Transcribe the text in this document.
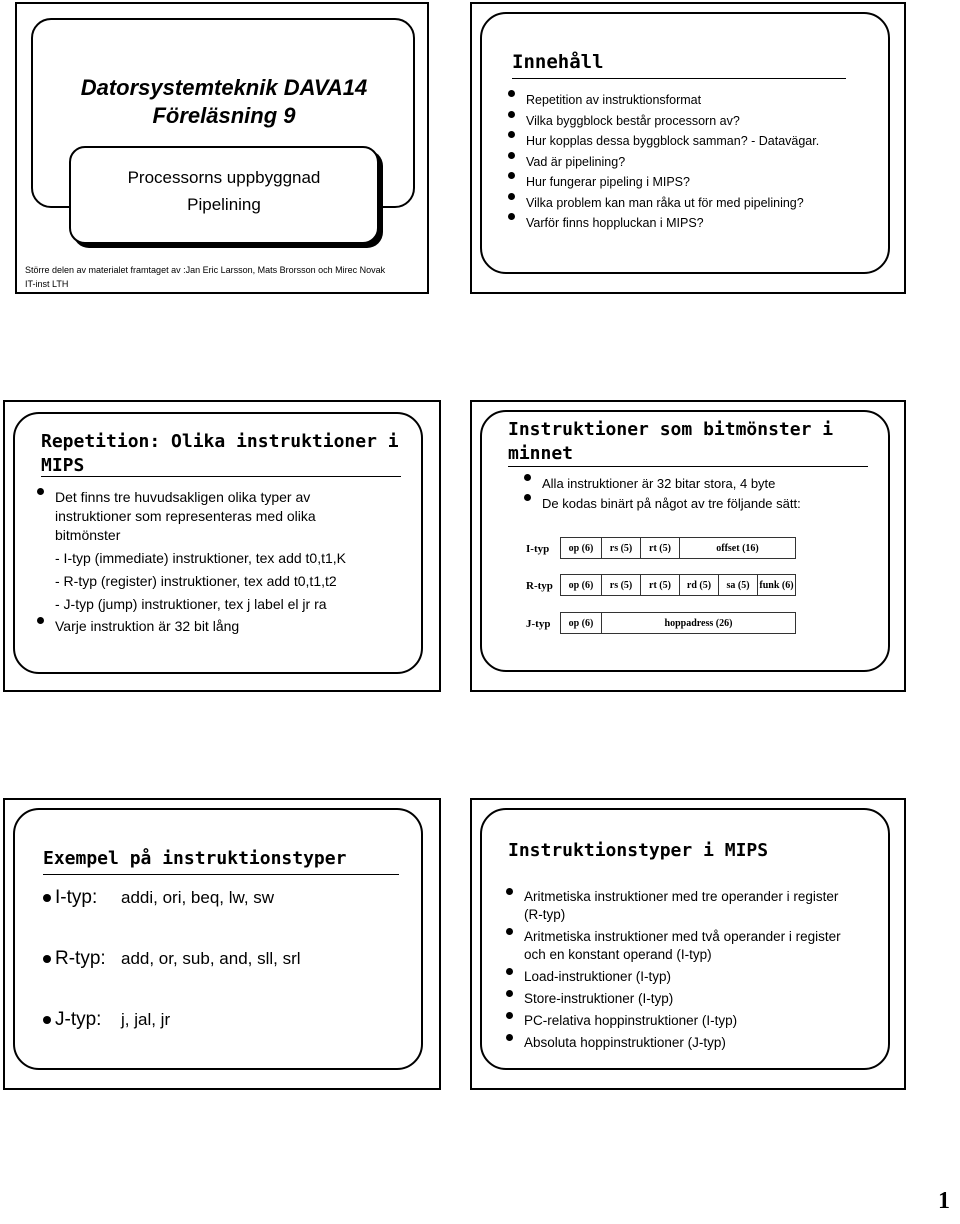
Datorsystemteknik DAVA14
Föreläsning 9
Processorns uppbyggnad
Pipelining
Större delen av materialet framtaget av :Jan Eric Larsson, Mats Brorsson och Mirec Novak
IT-inst LTH
Innehåll
Repetition av instruktionsformat
Vilka byggblock består processorn av?
Hur kopplas dessa byggblock samman? - Datavägar.
Vad är pipelining?
Hur fungerar pipeling i MIPS?
Vilka problem kan man råka ut för med pipelining?
Varför finns hoppluckan i MIPS?
Repetition: Olika instruktioner i
MIPS
Det finns tre huvudsakligen olika typer av instruktioner som representeras med olika bitmönster
- I-typ (immediate) instruktioner, tex add t0,t1,K
- R-typ (register) instruktioner, tex add t0,t1,t2
- J-typ (jump) instruktioner, tex j label el jr ra
Varje instruktion är 32 bit lång
Instruktioner som bitmönster i
minnet
Alla instruktioner är 32 bitar stora, 4 byte
De kodas binärt på något av tre följande sätt:
I-typ op (6)	rs (5)	rt (5)	offset (16)
R-typ op (6)	rs (5)	rt (5)	rd (5)	sa (5)	funk (6)
J-typ op (6)	hoppadress (26)
Exempel på instruktionstyper
I-typ: addi, ori, beq, lw, sw
R-typ: add, or, sub, and, sll, srl
J-typ: j, jal, jr
Instruktionstyper i MIPS
Aritmetiska instruktioner med tre operander i register (R-typ)
Aritmetiska instruktioner med två operander i register och en konstant operand (I-typ)
Load-instruktioner (I-typ)
Store-instruktioner (I-typ)
PC-relativa hoppinstruktioner (I-typ)
Absoluta hoppinstruktioner (J-typ)
1
